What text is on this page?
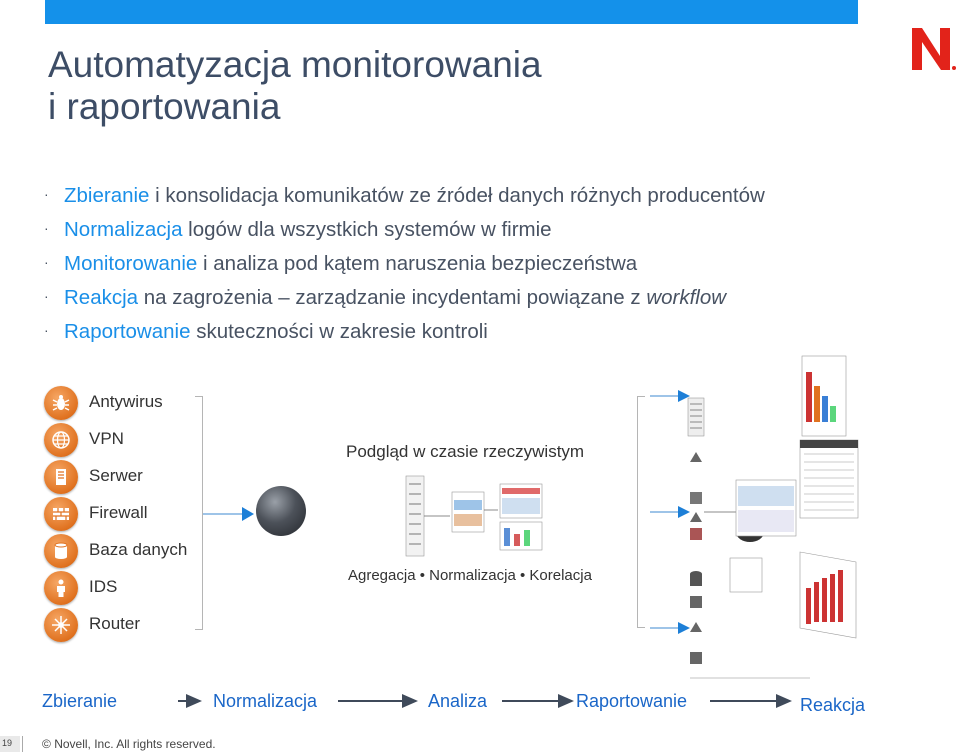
Automatyzacja monitorowania
i raportowania
· Zbieranie i konsolidacja komunikatów ze źródeł danych różnych producentów
· Normalizacja logów dla wszystkich systemów w firmie
· Monitorowanie i analiza pod kątem naruszenia bezpieczeństwa
· Reakcja na zagrożenia – zarządzanie incydentami powiązane z workflow
· Raportowanie skuteczności w zakresie kontroli
Antywirus
VPN
Serwer
Firewall
Baza danych
IDS
Router
Podgląd w czasie rzeczywistym
Agregacja • Normalizacja • Korelacja
Zbieranie	Normalizacja	Analiza	Raportowanie	Reakcja
19	© Novell, Inc. All rights reserved.
